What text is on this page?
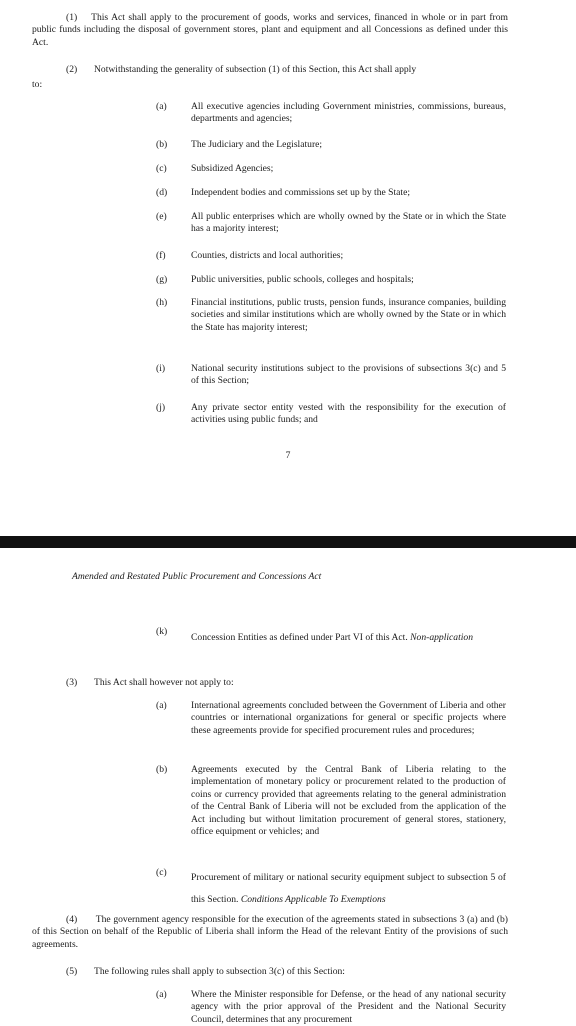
(1) This Act shall apply to the procurement of goods, works and services, financed in whole or in part from public funds including the disposal of government stores, plant and equipment and all Concessions as defined under this Act.
(2) Notwithstanding the generality of subsection (1) of this Section, this Act shall apply
to:
(a)	All executive agencies including Government ministries, commissions, bureaus, departments and agencies;
(b)	The Judiciary and the Legislature;
(c)	Subsidized Agencies;
(d)	Independent bodies and commissions set up by the State;
(e)	All public enterprises which are wholly owned by the State or in which the State has a majority interest;
(f)	Counties, districts and local authorities;
(g)	Public universities, public schools, colleges and hospitals;
(h)	Financial institutions, public trusts, pension funds, insurance companies, building societies and similar institutions which are wholly owned by the State or in which the State has majority interest;
(i)	National security institutions subject to the provisions of subsections 3(c) and 5 of this Section;
(j)	Any private sector entity vested with the responsibility for the execution of activities using public funds; and
7
Amended and Restated Public Procurement and Concessions Act
(k)
Concession Entities as defined under Part VI of this Act. Non-application
(3) This Act shall however not apply to:
(a)	International agreements concluded between the Government of Liberia and other countries or international organizations for general or specific projects where these agreements provide for specified procurement rules and procedures;
(b)	Agreements executed by the Central Bank of Liberia relating to the implementation of monetary policy or procurement related to the production of coins or currency provided that agreements relating to the general administration of the Central Bank of Liberia will not be excluded from the application of the Act including but without limitation procurement of general stores, stationery, office equipment or vehicles; and
(c)	Procurement of military or national security equipment subject to subsection 5 of this Section. Conditions Applicable To Exemptions
(4) The government agency responsible for the execution of the agreements stated in subsections 3 (a) and (b) of this Section on behalf of the Republic of Liberia shall inform the Head of the relevant Entity of the provisions of such agreements.
(5) The following rules shall apply to subsection 3(c) of this Section:
(a)	Where the Minister responsible for Defense, or the head of any national security agency with the prior approval of the President and the National Security Council, determines that any procurement
